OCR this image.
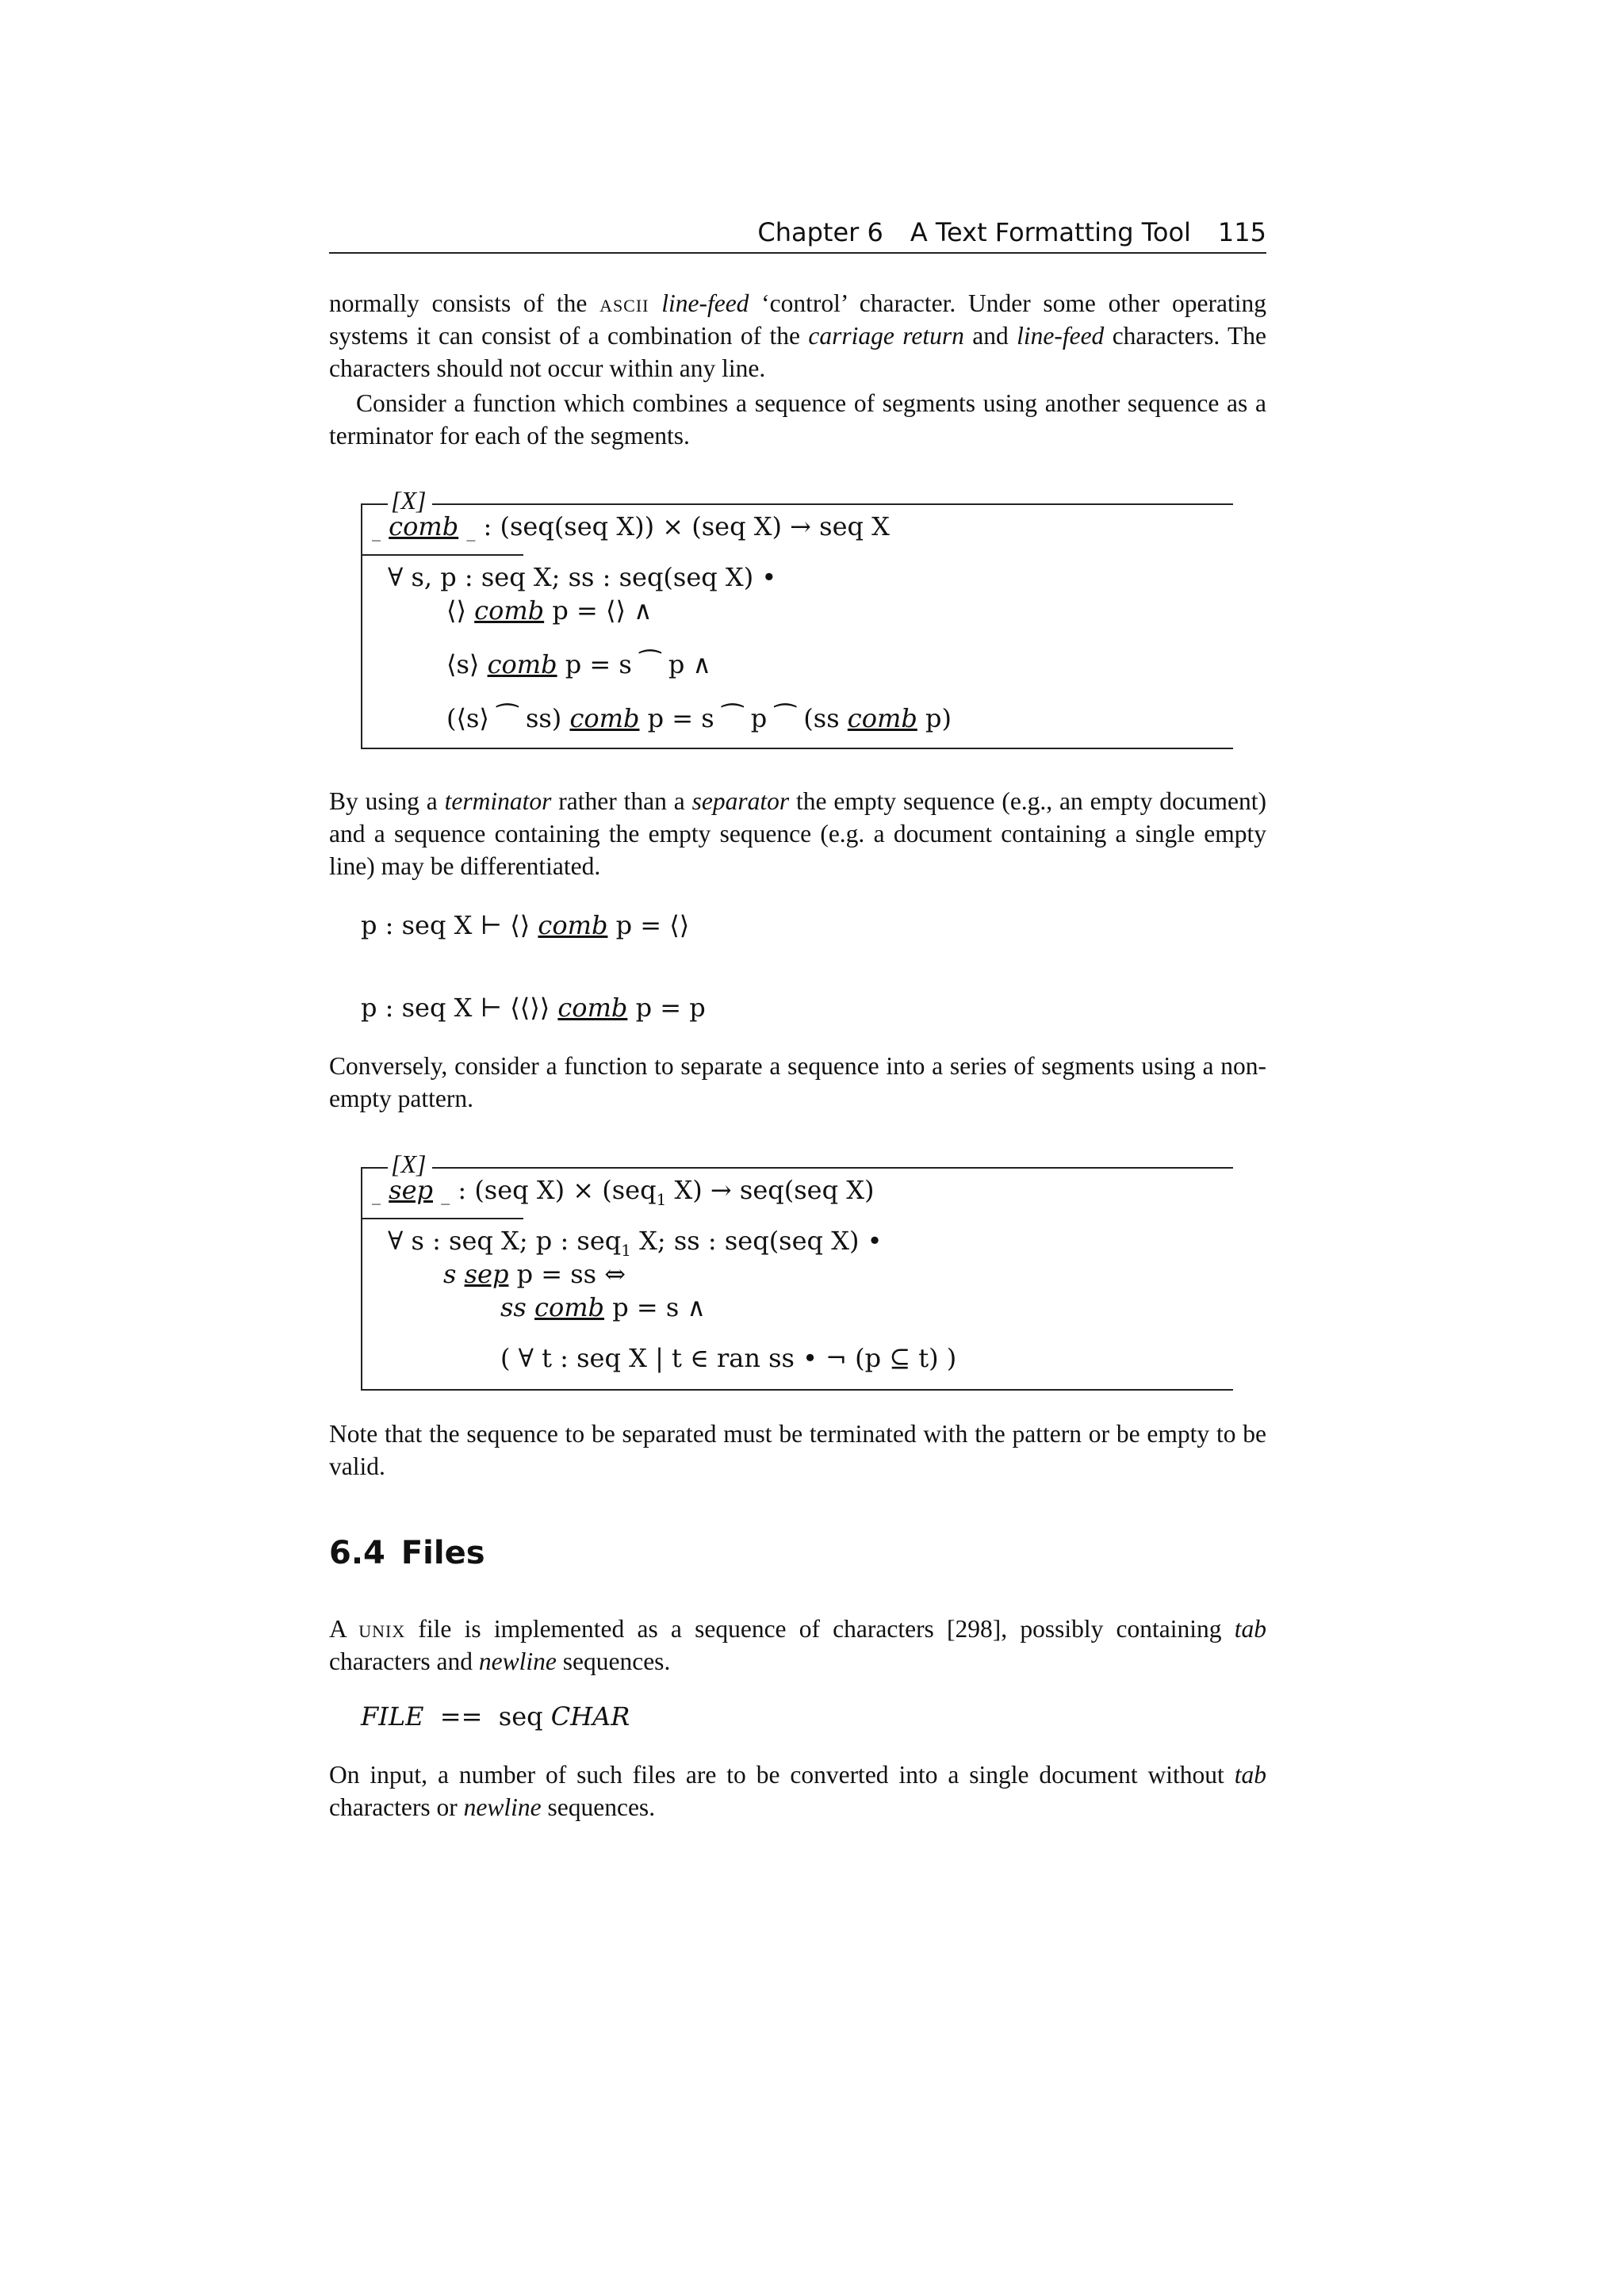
Chapter 6 A Text Formatting Tool 115

normally consists of the ascii line-feed ‘control’ character. Under some other operating systems it can consist of a combination of the carriage return and line-feed characters. The characters should not occur within any line.

Consider a function which combines a sequence of segments using another sequence as a terminator for each of the segments.

[X]
_ comb _ : (seq(seq X)) × (seq X) → seq X
∀ s, p : seq X; ss : seq(seq X) •
⟨⟩ comb p = ⟨⟩ ∧
⟨s⟩ comb p = s ⁀ p ∧
(⟨s⟩ ⁀ ss) comb p = s ⁀ p ⁀ (ss comb p)

By using a terminator rather than a separator the empty sequence (e.g., an empty document) and a sequence containing the empty sequence (e.g. a document containing a single empty line) may be differentiated.

p : seq X ⊢ ⟨⟩ comb p = ⟨⟩
p : seq X ⊢ ⟨⟨⟩⟩ comb p = p

Conversely, consider a function to separate a sequence into a series of segments using a non-empty pattern.

[X]
_ sep _ : (seq X) × (seq$_1$ X) → seq(seq X)
∀ s : seq X; p : seq$_1$ X; ss : seq(seq X) •
s sep p = ss ⇔
ss comb p = s ∧
( ∀ t : seq X | t ∈ ran ss • ¬ (p ⊆ t) )

Note that the sequence to be separated must be terminated with the pattern or be empty to be valid.

6.4 Files

A unix file is implemented as a sequence of characters [298], possibly containing tab characters and newline sequences.

FILE == seq CHAR

On input, a number of such files are to be converted into a single document without tab characters or newline sequences.
